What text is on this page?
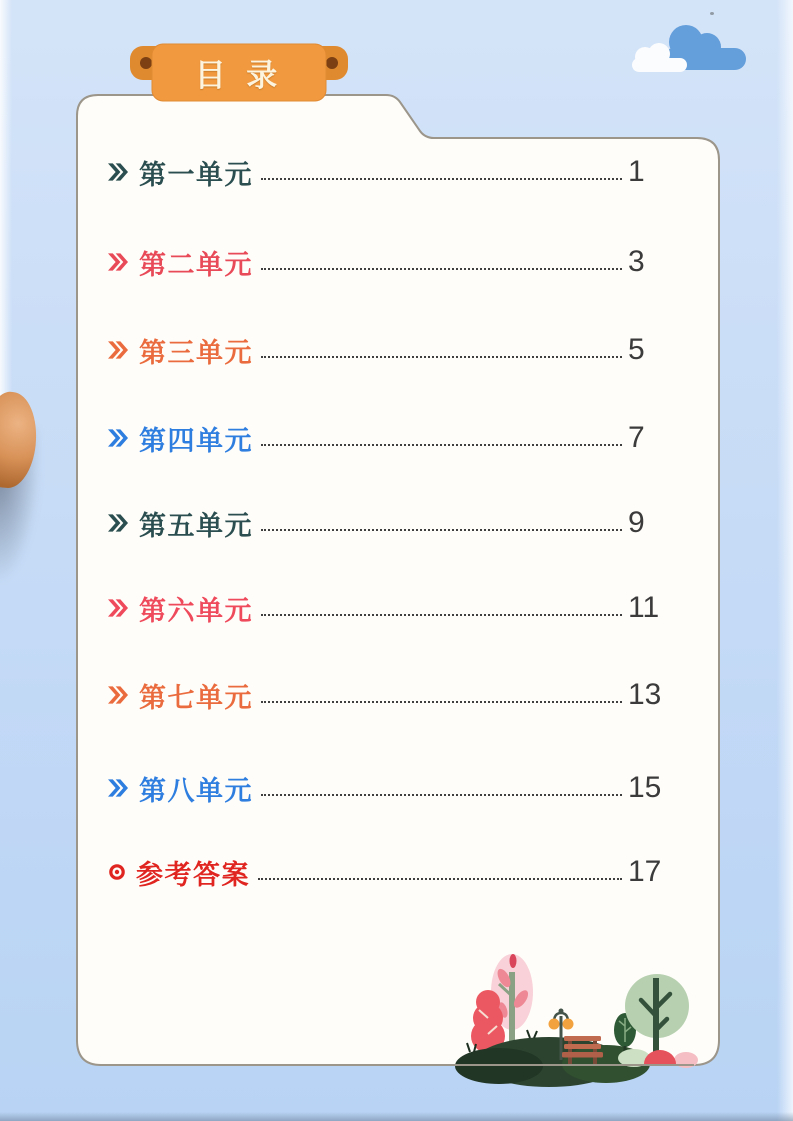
目 录
第一单元	1
第二单元	3
第三单元	5
第四单元	7
第五单元	9
第六单元	11
第七单元	13
第八单元	15
参考答案	17
